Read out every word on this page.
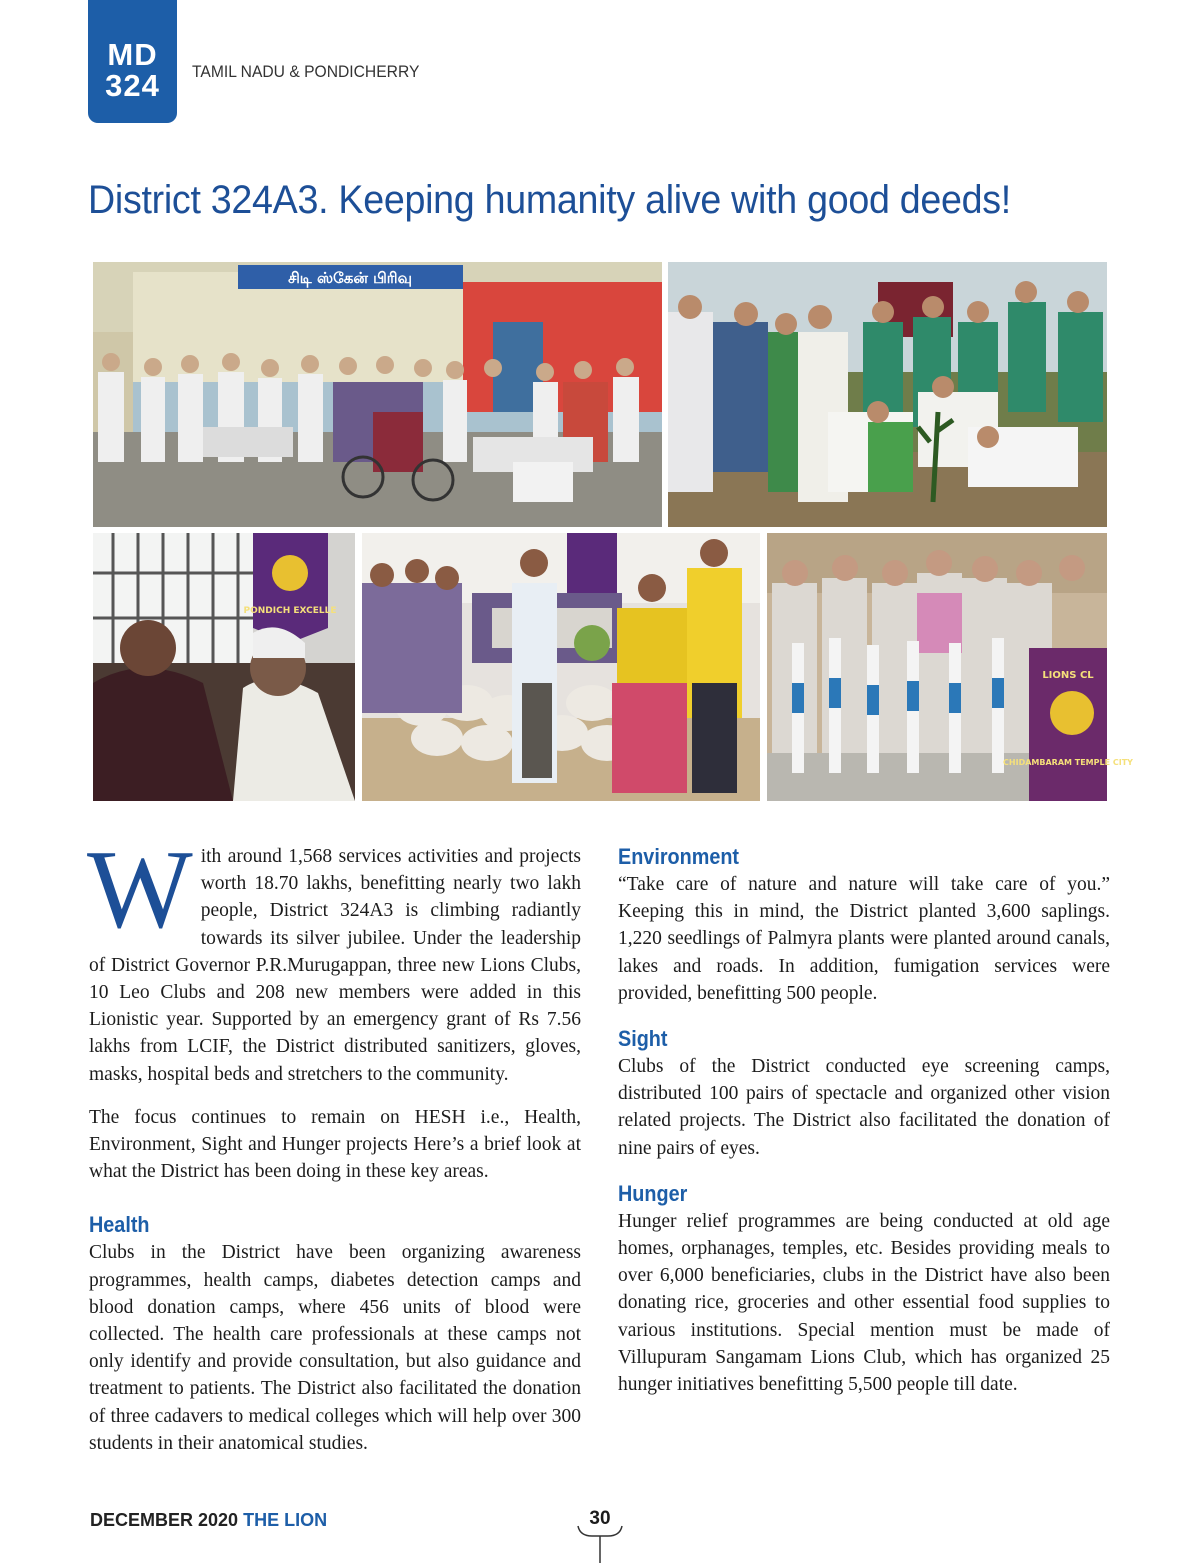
MD
324	TAMIL NADU & PONDICHERRY
District 324A3. Keeping humanity alive with good deeds!
சிடி ஸ்கேன் பிரிவு
PONDICH EXCELLE
LIONS CL
CHIDAMBARAM TEMPLE CITY

With around 1,568 services activities and projects worth 18.70 lakhs, benefitting nearly two lakh people, District 324A3 is climbing radiantly towards its silver jubilee. Under the leadership of District Governor P.R.Murugappan, three new Lions Clubs, 10 Leo Clubs and 208 new members were added in this Lionistic year. Supported by an emergency grant of Rs 7.56 lakhs from LCIF, the District distributed sanitizers, gloves, masks, hospital beds and stretchers to the community.

The focus continues to remain on HESH i.e., Health, Environment, Sight and Hunger projects Here’s a brief look at what the District has been doing in these key areas.

Health

Clubs in the District have been organizing awareness programmes, health camps, diabetes detection camps and blood donation camps, where 456 units of blood were collected. The health care professionals at these camps not only identify and provide consultation, but also guidance and treatment to patients. The District also facilitated the donation of three cadavers to medical colleges which will help over 300 students in their anatomical studies.

Environment

“Take care of nature and nature will take care of you.” Keeping this in mind, the District planted 3,600 saplings. 1,220 seedlings of Palmyra plants were planted around canals, lakes and roads. In addition, fumigation services were provided, benefitting 500 people.

Sight

Clubs of the District conducted eye screening camps, distributed 100 pairs of spectacle and organized other vision related projects. The District also facilitated the donation of nine pairs of eyes.

Hunger

Hunger relief programmes are being conducted at old age homes, orphanages, temples, etc. Besides providing meals to over 6,000 beneficiaries, clubs in the District have also been donating rice, groceries and other essential food supplies to various institutions. Special mention must be made of Villupuram Sangamam Lions Club, which has organized 25 hunger initiatives benefitting 5,500 people till date.

DECEMBER 2020 THE LION	30
